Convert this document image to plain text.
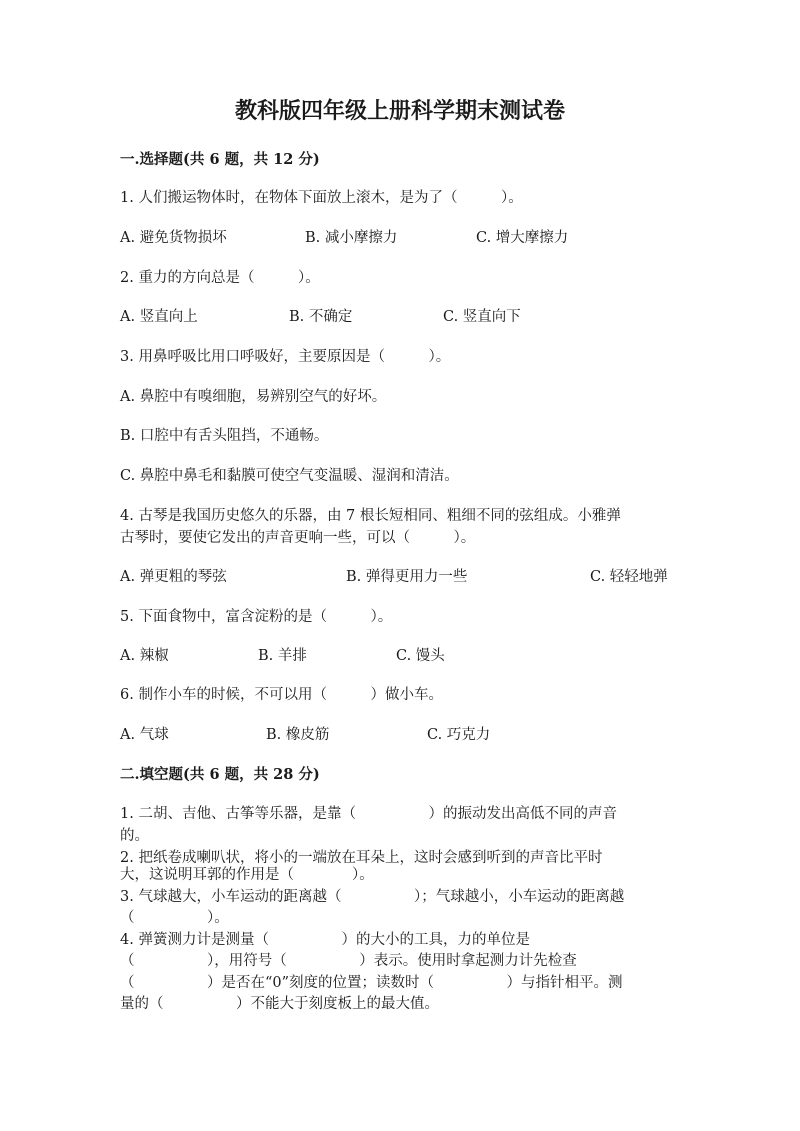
教科版四年级上册科学期末测试卷
一.选择题(共 6 题，共 12 分)
1. 人们搬运物体时，在物体下面放上滚木，是为了（　　　）。
A. 避免货物损坏	B. 减小摩擦力	C. 增大摩擦力
2. 重力的方向总是（　　　）。
A. 竖直向上	B. 不确定	C. 竖直向下
3. 用鼻呼吸比用口呼吸好，主要原因是（　　　）。
A. 鼻腔中有嗅细胞，易辨别空气的好坏。
B. 口腔中有舌头阻挡，不通畅。
C. 鼻腔中鼻毛和黏膜可使空气变温暖、湿润和清洁。
4. 古琴是我国历史悠久的乐器，由 7 根长短相同、粗细不同的弦组成。小雅弹
古琴时，要使它发出的声音更响一些，可以（　　　）。
A. 弹更粗的琴弦	B. 弹得更用力一些	C. 轻轻地弹
5. 下面食物中，富含淀粉的是（　　　）。
A. 辣椒	B. 羊排	C. 馒头
6. 制作小车的时候，不可以用（　　　）做小车。
A. 气球	B. 橡皮筋	C. 巧克力
二.填空题(共 6 题，共 28 分)
1. 二胡、吉他、古筝等乐器，是靠（　　　　　）的振动发出高低不同的声音
的。
2. 把纸卷成喇叭状，将小的一端放在耳朵上，这时会感到听到的声音比平时
大，这说明耳郭的作用是（　　　　）。
3. 气球越大，小车运动的距离越（　　　　　）；气球越小，小车运动的距离越
（　　　　　）。
4. 弹簧测力计是测量（　　　　　）的大小的工具，力的单位是
（　　　　　），用符号（　　　　　）表示。使用时拿起测力计先检查
（　　　　　）是否在“0”刻度的位置；读数时（　　　　　）与指针相平。测
量的（　　　　　）不能大于刻度板上的最大值。
